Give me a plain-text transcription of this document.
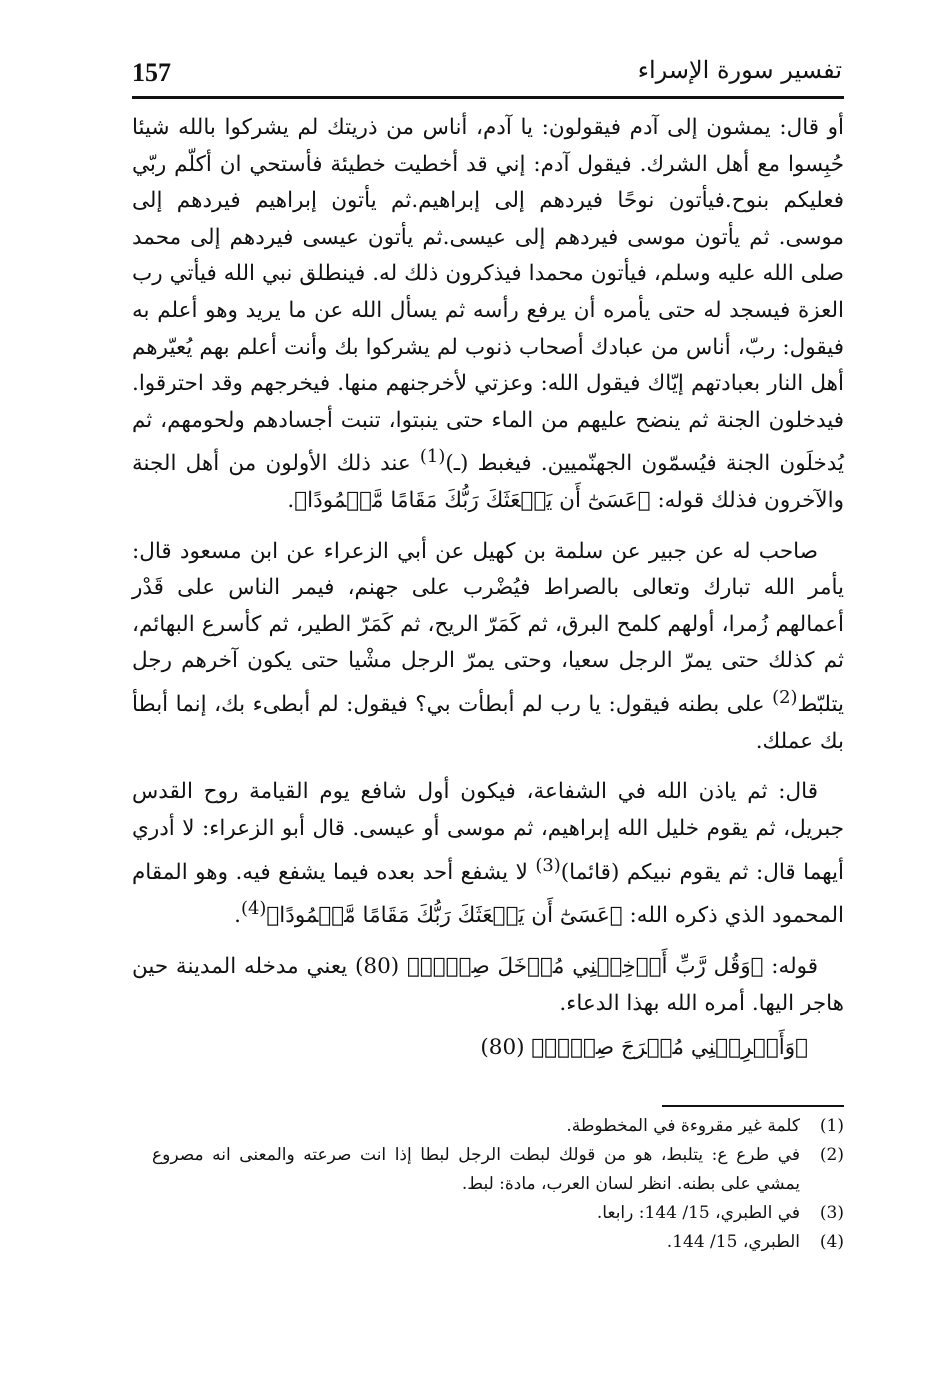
157	تفسير سورة الإسراء

أو قال: يمشون إلى آدم فيقولون: يا آدم، أناس من ذريتك لم يشركوا بالله شيئا حُبِسوا مع أهل الشرك. فيقول آدم: إني قد أخطيت خطيئة فأستحي ان أكلّم ربّي فعليكم بنوح.فيأتون نوحًا فيردهم إلى إبراهيم.ثم يأتون إبراهيم فيردهم إلى موسى. ثم يأتون موسى فيردهم إلى عيسى.ثم يأتون عيسى فيردهم إلى محمد صلى الله عليه وسلم، فيأتون محمدا فيذكرون ذلك له. فينطلق نبي الله فيأتي رب العزة فيسجد له حتى يأمره أن يرفع رأسه ثم يسأل الله عن ما يريد وهو أعلم به فيقول: ربّ، أناس من عبادك أصحاب ذنوب لم يشركوا بك وأنت أعلم بهم يُعيّرهم أهل النار بعبادتهم إيّاك فيقول الله: وعزتي لأخرجنهم منها. فيخرجهم وقد احترقوا. فيدخلون الجنة ثم ينضح عليهم من الماء حتى ينبتوا، تنبت أجسادهم ولحومهم، ثم يُدخلَون الجنة فيُسمّون الجهنّميين. فيغبط (ـ)$^{(1)}$ عند ذلك الأولون من أهل الجنة والآخرون فذلك قوله: ﴿عَسَىٰٓ أَن يَبۡعَثَكَ رَبُّكَ مَقَامًا مَّحۡمُودًا﴾.

صاحب له عن جبير عن سلمة بن كهيل عن أبي الزعراء عن ابن مسعود قال: يأمر الله تبارك وتعالى بالصراط فيُضْرب على جهنم، فيمر الناس على قَدْر أعمالهم زُمرا، أولهم كلمح البرق، ثم كَمَرّ الريح، ثم كَمَرّ الطير، ثم كأسرع البهائم، ثم كذلك حتى يمرّ الرجل سعيا، وحتى يمرّ الرجل مشْيا حتى يكون آخرهم رجل يتلبّط$^{(2)}$ على بطنه فيقول: يا رب لم أبطأت بي؟ فيقول: لم أبطىء بك، إنما أبطأ بك عملك.

قال: ثم ياذن الله في الشفاعة، فيكون أول شافع يوم القيامة روح القدس جبريل، ثم يقوم خليل الله إبراهيم، ثم موسى أو عيسى. قال أبو الزعراء: لا أدري أيهما قال: ثم يقوم نبيكم (قائما)$^{(3)}$ لا يشفع أحد بعده فيما يشفع فيه. وهو المقام المحمود الذي ذكره الله: ﴿عَسَىٰٓ أَن يَبۡعَثَكَ رَبُّكَ مَقَامًا مَّحۡمُودًا﴾$^{(4)}$.

قوله: ﴿وَقُل رَّبِّ أَدۡخِلۡنِي مُدۡخَلَ صِدۡقٖ﴾ (80) يعني مدخله المدينة حين هاجر اليها. أمره الله بهذا الدعاء.

﴿وَأَخۡرِجۡنِي مُخۡرَجَ صِدۡقٖ﴾ (80)

(1)
كلمة غير مقروءة في المخطوطة.
(2)
في طرع ع: يتلبط، هو من قولك لبطت الرجل لبطا إذا انت صرعته والمعنى انه مصروع يمشي على بطنه. انظر لسان العرب، مادة: لبط.
(3)
في الطبري، 15/ 144: رابعا.
(4)
الطبري، 15/ 144.
